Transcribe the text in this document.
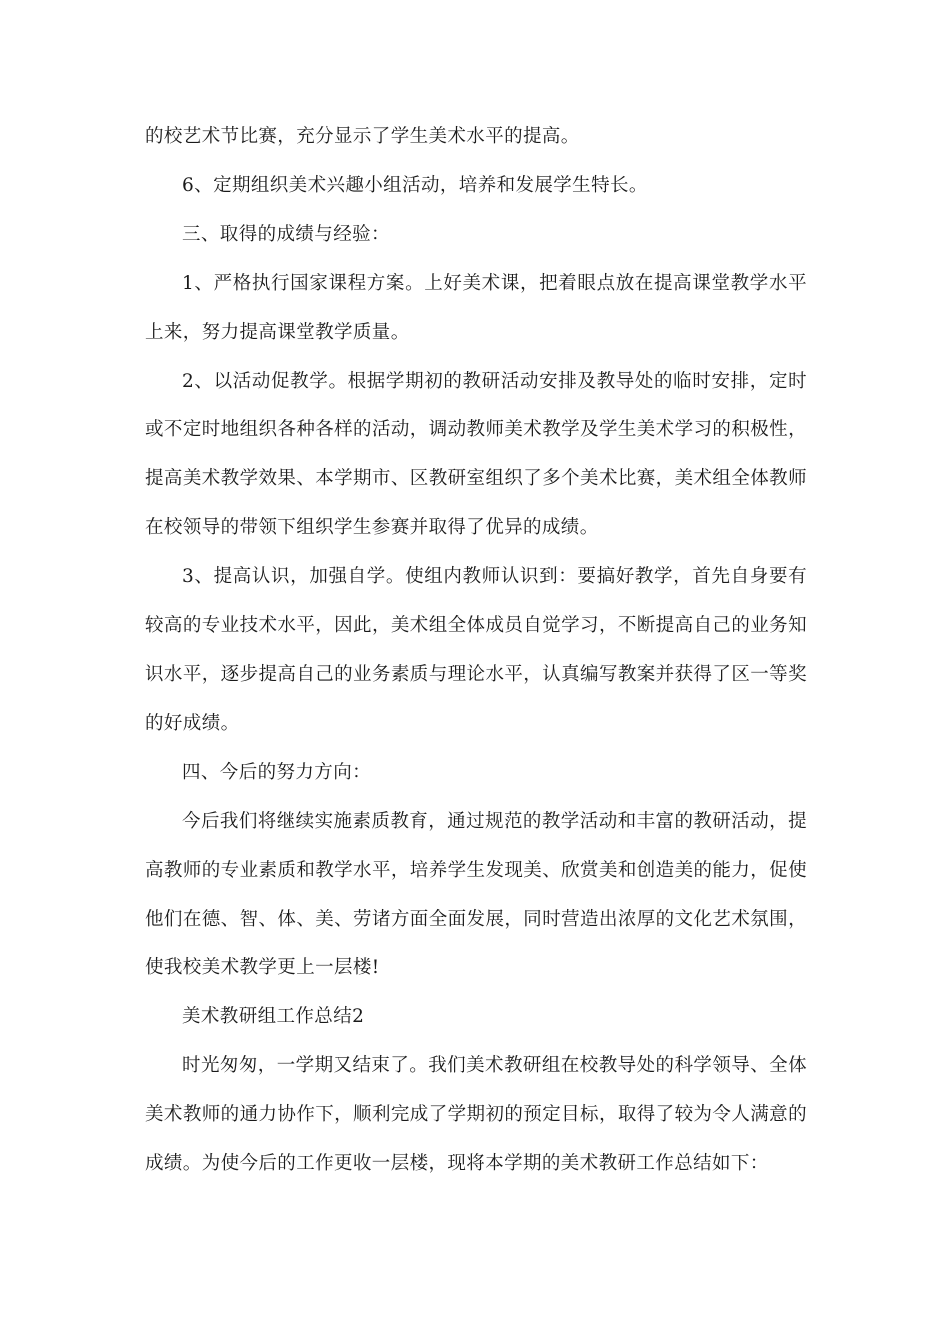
的校艺术节比赛，充分显示了学生美术水平的提高。

6、定期组织美术兴趣小组活动，培养和发展学生特长。

三、取得的成绩与经验：

1、严格执行国家课程方案。上好美术课，把着眼点放在提高课堂教学水平上来，努力提高课堂教学质量。

2、以活动促教学。根据学期初的教研活动安排及教导处的临时安排，定时或不定时地组织各种各样的活动，调动教师美术教学及学生美术学习的积极性，提高美术教学效果、本学期市、区教研室组织了多个美术比赛，美术组全体教师在校领导的带领下组织学生参赛并取得了优异的成绩。

3、提高认识，加强自学。使组内教师认识到：要搞好教学，首先自身要有较高的专业技术水平，因此，美术组全体成员自觉学习，不断提高自己的业务知识水平，逐步提高自己的业务素质与理论水平，认真编写教案并获得了区一等奖的好成绩。

四、今后的努力方向：

今后我们将继续实施素质教育，通过规范的教学活动和丰富的教研活动，提高教师的专业素质和教学水平，培养学生发现美、欣赏美和创造美的能力，促使他们在德、智、体、美、劳诸方面全面发展，同时营造出浓厚的文化艺术氛围，使我校美术教学更上一层楼!

美术教研组工作总结2

时光匆匆，一学期又结束了。我们美术教研组在校教导处的科学领导、全体美术教师的通力协作下，顺利完成了学期初的预定目标，取得了较为令人满意的成绩。为使今后的工作更收一层楼，现将本学期的美术教研工作总结如下：
